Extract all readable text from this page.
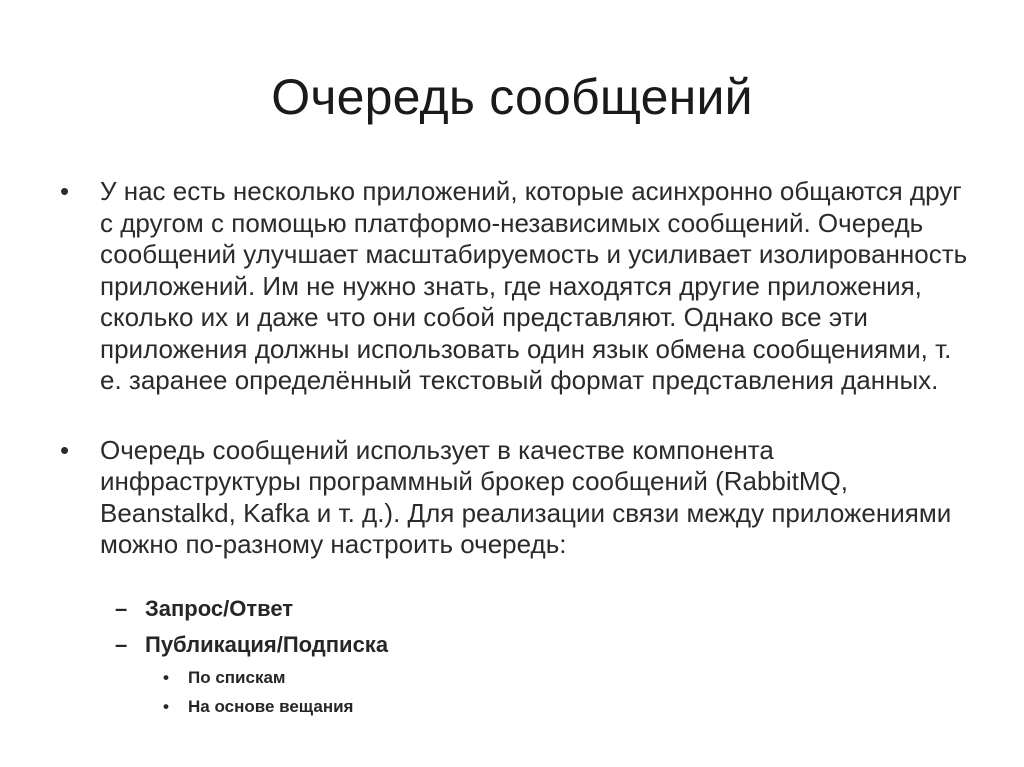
Очередь сообщений
•	У нас есть несколько приложений, которые асинхронно общаются друг с другом с помощью платформо-независимых сообщений. Очередь сообщений улучшает масштабируемость и усиливает изолированность приложений. Им не нужно знать, где находятся другие приложения, сколько их и даже что они собой представляют. Однако все эти приложения должны использовать один язык обмена сообщениями, т. е. заранее определённый текстовый формат представления данных.
•	Очередь сообщений использует в качестве компонента инфраструктуры программный брокер сообщений (RabbitMQ, Beanstalkd, Kafka и т. д.). Для реализации связи между приложениями можно по-разному настроить очередь:
– Запрос/Ответ
– Публикация/Подписка
• По спискам
• На основе вещания
